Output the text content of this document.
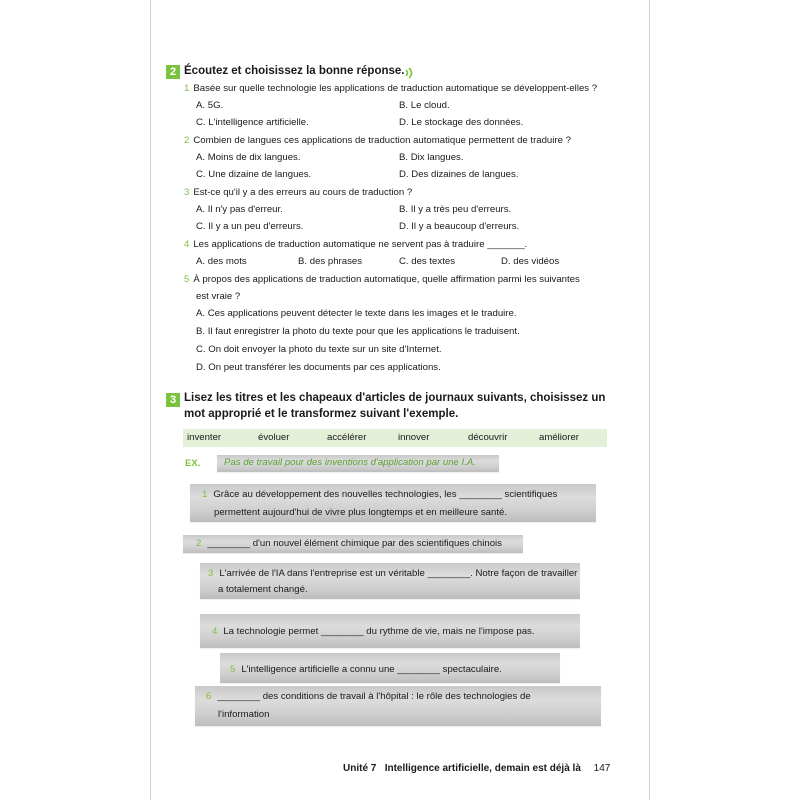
2 Écoutez et choisissez la bonne réponse.
1 Basée sur quelle technologie les applications de traduction automatique se développent-elles ?
A. 5G.	B. Le cloud.
C. L'intelligence artificielle.	D. Le stockage des données.
2 Combien de langues ces applications de traduction automatique permettent de traduire ?
A. Moins de dix langues.	B. Dix langues.
C. Une dizaine de langues.	D. Des dizaines de langues.
3 Est-ce qu'il y a des erreurs au cours de traduction ?
A. Il n'y pas d'erreur.	B. Il y a très peu d'erreurs.
C. Il y a un peu d'erreurs.	D. Il y a beaucoup d'erreurs.
4 Les applications de traduction automatique ne servent pas à traduire _______.
A. des mots	B. des phrases	C. des textes	D. des vidéos
5 À propos des applications de traduction automatique, quelle affirmation parmi les suivantes
est vraie ?
A. Ces applications peuvent détecter le texte dans les images et le traduire.
B. Il faut enregistrer la photo du texte pour que les applications le traduisent.
C. On doit envoyer la photo du texte sur un site d'Internet.
D. On peut transférer les documents par ces applications.
3 Lisez les titres et les chapeaux d'articles de journaux suivants, choisissez un
mot approprié et le transformez suivant l'exemple.
inventer	évoluer	accélérer	innover	découvrir	améliorer
EX. Pas de travail pour des inventions d'application par une I.A.
1 Grâce au développement des nouvelles technologies, les ________ scientifiques
permettent aujourd'hui de vivre plus longtemps et en meilleure santé.
2 ________ d'un nouvel élément chimique par des scientifiques chinois
3 L'arrivée de l'IA dans l'entreprise est un véritable ________. Notre façon de travailler
a totalement changé.
4 La technologie permet ________ du rythme de vie, mais ne l'impose pas.
5 L'intelligence artificielle a connu une ________ spectaculaire.
6 ________ des conditions de travail à l'hôpital : le rôle des technologies de
l'information
Unité 7 Intelligence artificielle, demain est déjà là 147
